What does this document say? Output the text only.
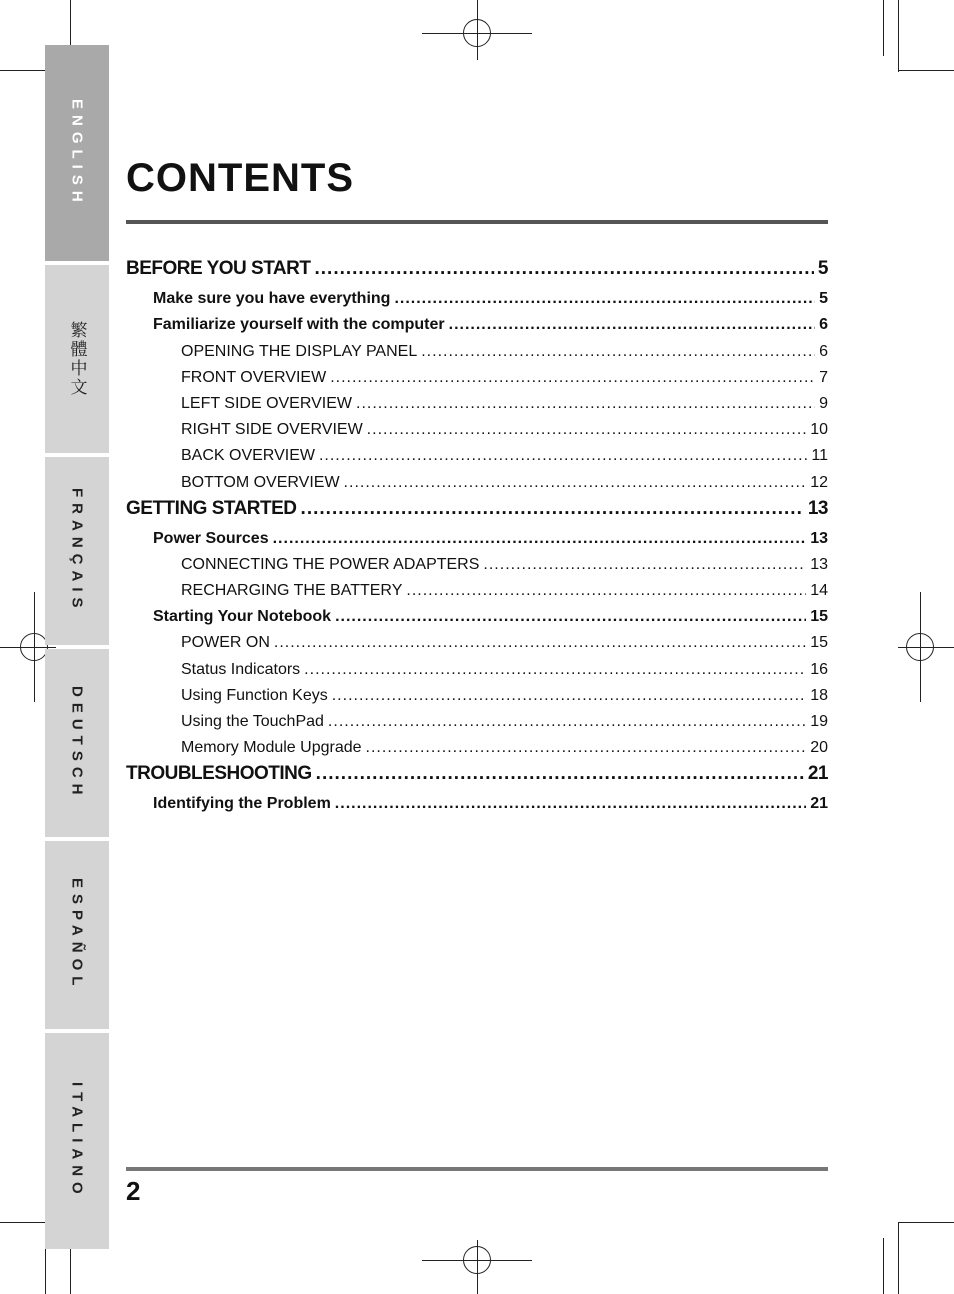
ENGLISH
繁體中文
FRANÇAIS
DEUTSCH
ESPAÑOL
ITALIANO
CONTENTS
BEFORE YOU START .....	5
Make sure you have everything .....	5
Familiarize yourself with the computer .....	6
OPENING THE DISPLAY PANEL .....	6
FRONT OVERVIEW .....	7
LEFT SIDE OVERVIEW .....	9
RIGHT SIDE OVERVIEW .....	10
BACK OVERVIEW .....	11
BOTTOM OVERVIEW .....	12
GETTING STARTED .....	13
Power Sources .....	13
CONNECTING THE POWER ADAPTERS .....	13
RECHARGING THE BATTERY .....	14
Starting Your Notebook .....	15
POWER ON .....	15
Status Indicators .....	16
Using Function Keys .....	18
Using the TouchPad .....	19
Memory Module Upgrade .....	20
TROUBLESHOOTING .....	21
Identifying the Problem .....	21
2
